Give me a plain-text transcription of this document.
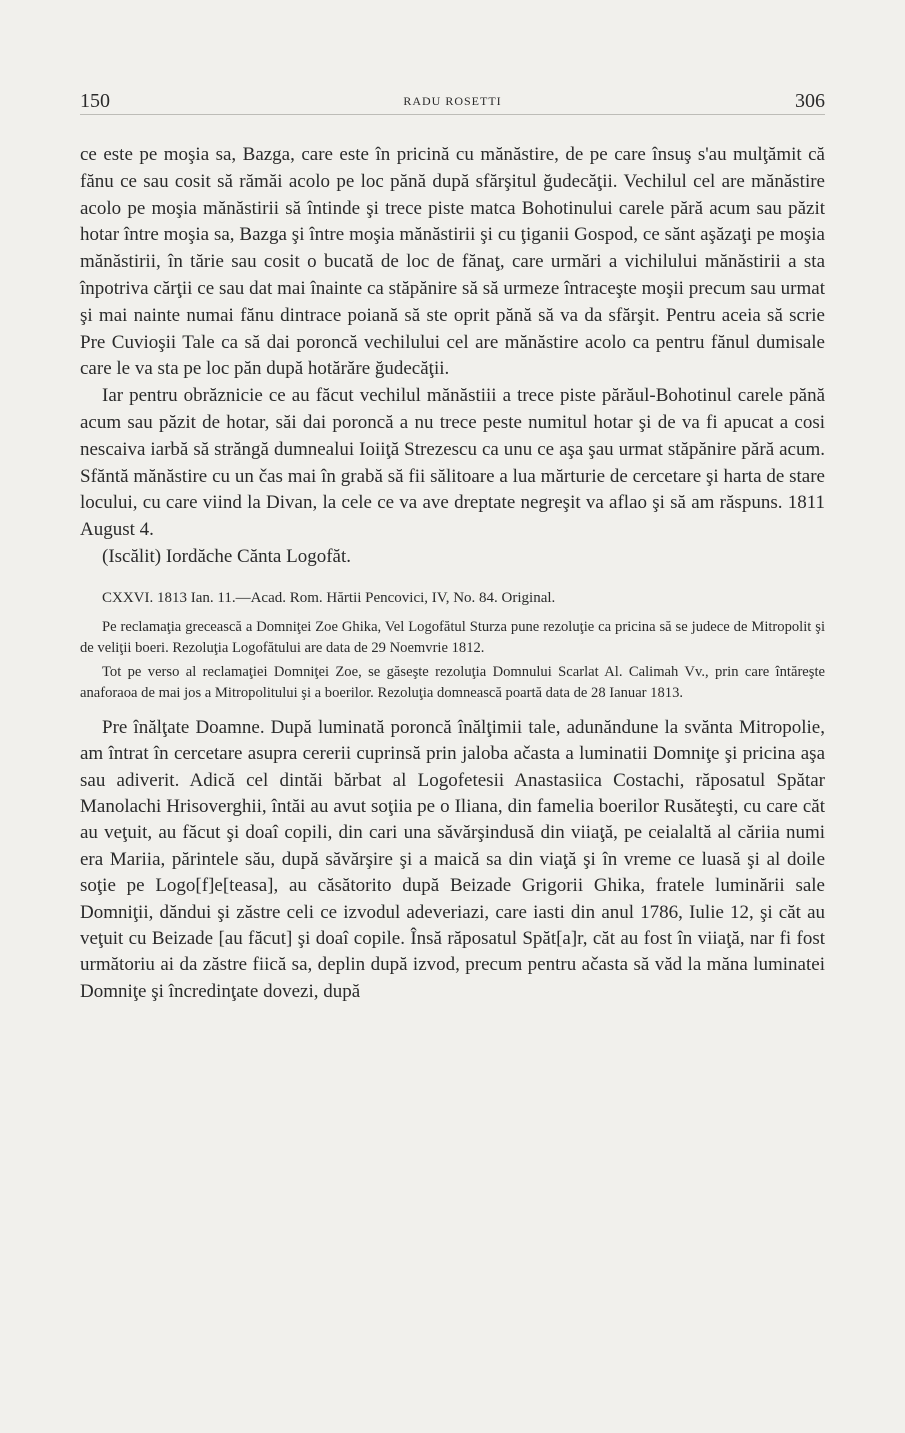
150	RADU ROSETTI	306

ce este pe moşia sa, Bazga, care este în pricină cu mănăstire, de pe care însuş s'au mulţămit că fănu ce sau cosit să rămăi acolo pe loc pănă după sfărşitul ğudecăţii. Vechilul cel are mănăstire acolo pe moşia mănăstirii să întinde şi trece piste matca Bohotinului carele pără acum sau păzit hotar între moşia sa, Bazga şi între moşia mănăstirii şi cu ţiganii Gospod, ce sănt aşăzaţi pe moşia mănăstirii, în tărie sau cosit o bucată de loc de fănaţ, care urmări a vichilului mănăstirii a sta înpotriva cărţii ce sau dat mai înainte ca stăpănire să să urmeze întraceşte moşii precum sau urmat şi mai nainte numai fănu dintrace poiană să ste oprit pănă să va da sfărşit. Pentru aceia să scrie Pre Cuvioşii Tale ca să dai poroncă vechilului cel are mănăstire acolo ca pentru fănul dumisale care le va sta pe loc păn după hotărăre ğudecăţii.

Iar pentru obrăznicie ce au făcut vechilul mănăstiii a trece piste părăul-Bohotinul carele pănă acum sau păzit de hotar, săi dai poroncă a nu trece peste numitul hotar şi de va fi apucat a cosi nescaiva iarbă să străngă dumnealui Ioiiţă Strezescu ca unu ce aşa şau urmat stăpănire pără acum. Sfăntă mănăstire cu un čas mai în grabă să fii sălitoare a lua mărturie de cercetare şi harta de stare locului, cu care viind la Divan, la cele ce va ave dreptate negreşit va aflao şi să am răspuns. 1811 August 4.

(Iscălit) Iordăche Cănta Logofăt.

CXXVI. 1813 Ian. 11.—Acad. Rom. Hărtii Pencovici, IV, No. 84. Original.

Pe reclamaţia grecească a Domniţei Zoe Ghika, Vel Logofătul Sturza pune rezoluţie ca pricina să se judece de Mitropolit şi de veliţii boeri. Rezoluţia Logofătului are data de 29 Noemvrie 1812.

Tot pe verso al reclamaţiei Domniţei Zoe, se găseşte rezoluţia Domnului Scarlat Al. Calimah Vv., prin care întăreşte anaforaoa de mai jos a Mitropolitului şi a boerilor. Rezoluţia domnească poartă data de 28 Ianuar 1813.

Pre înălţate Doamne. După luminată poroncă înălţimii tale, adunăndune la svănta Mitropolie, am întrat în cercetare asupra cererii cuprinsă prin jaloba ačasta a luminatii Domniţe şi pricina aşa sau adiverit. Adică cel dintăi bărbat al Logofetesii Anastasiica Costachi, răposatul Spătar Manolachi Hrisoverghii, întăi au avut soţiia pe o Iliana, din famelia boerilor Rusăteşti, cu care căt au veţuit, au făcut şi doaî copili, din cari una săvărşindusă din viiaţă, pe ceialaltă al căriia numi era Mariia, părintele său, după săvărşire şi a maică sa din viaţă şi în vreme ce luasă şi al doile soţie pe Logo[f]e[teasa], au căsătorito după Beizade Grigorii Ghika, fratele luminării sale Domniţii, dăndui şi zăstre celi ce izvodul adeveriazi, care iasti din anul 1786, Iulie 12, şi căt au veţuit cu Beizade [au făcut] şi doaî copile. Însă răposatul Spăt[a]r, căt au fost în viiaţă, nar fi fost următoriu ai da zăstre fiică sa, deplin după izvod, precum pentru ačasta să văd la măna luminatei Domniţe şi încredinţate dovezi, după
